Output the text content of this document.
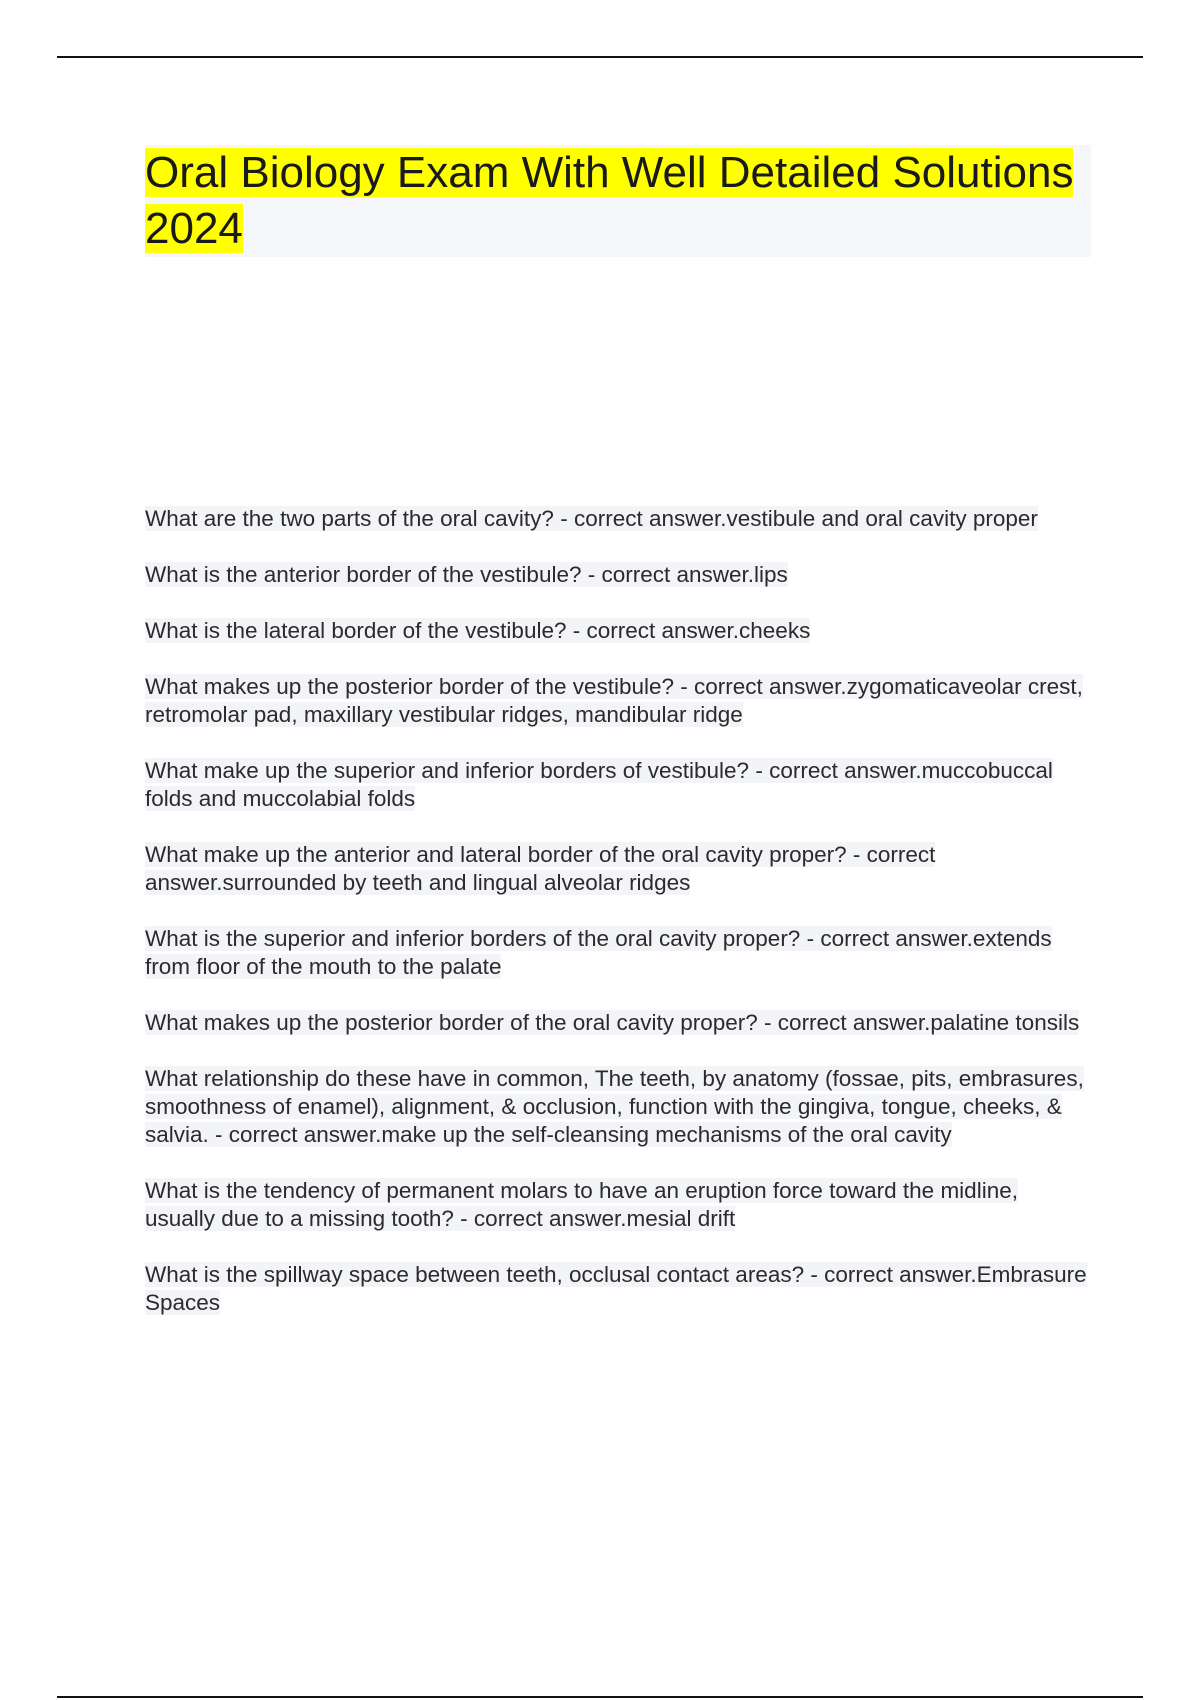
Oral Biology Exam With Well Detailed Solutions 2024

What are the two parts of the oral cavity? - correct answer.vestibule and oral cavity proper

What is the anterior border of the vestibule? - correct answer.lips

What is the lateral border of the vestibule? - correct answer.cheeks

What makes up the posterior border of the vestibule? - correct answer.zygomaticaveolar crest, retromolar pad, maxillary vestibular ridges, mandibular ridge

What make up the superior and inferior borders of vestibule? - correct answer.muccobuccal folds and muccolabial folds

What make up the anterior and lateral border of the oral cavity proper? - correct answer.surrounded by teeth and lingual alveolar ridges

What is the superior and inferior borders of the oral cavity proper? - correct answer.extends from floor of the mouth to the palate

What makes up the posterior border of the oral cavity proper? - correct answer.palatine tonsils

What relationship do these have in common, The teeth, by anatomy (fossae, pits, embrasures, smoothness of enamel), alignment, & occlusion, function with the gingiva, tongue, cheeks, & salvia. - correct answer.make up the self-cleansing mechanisms of the oral cavity

What is the tendency of permanent molars to have an eruption force toward the midline, usually due to a missing tooth? - correct answer.mesial drift

What is the spillway space between teeth, occlusal contact areas? - correct answer.Embrasure Spaces
